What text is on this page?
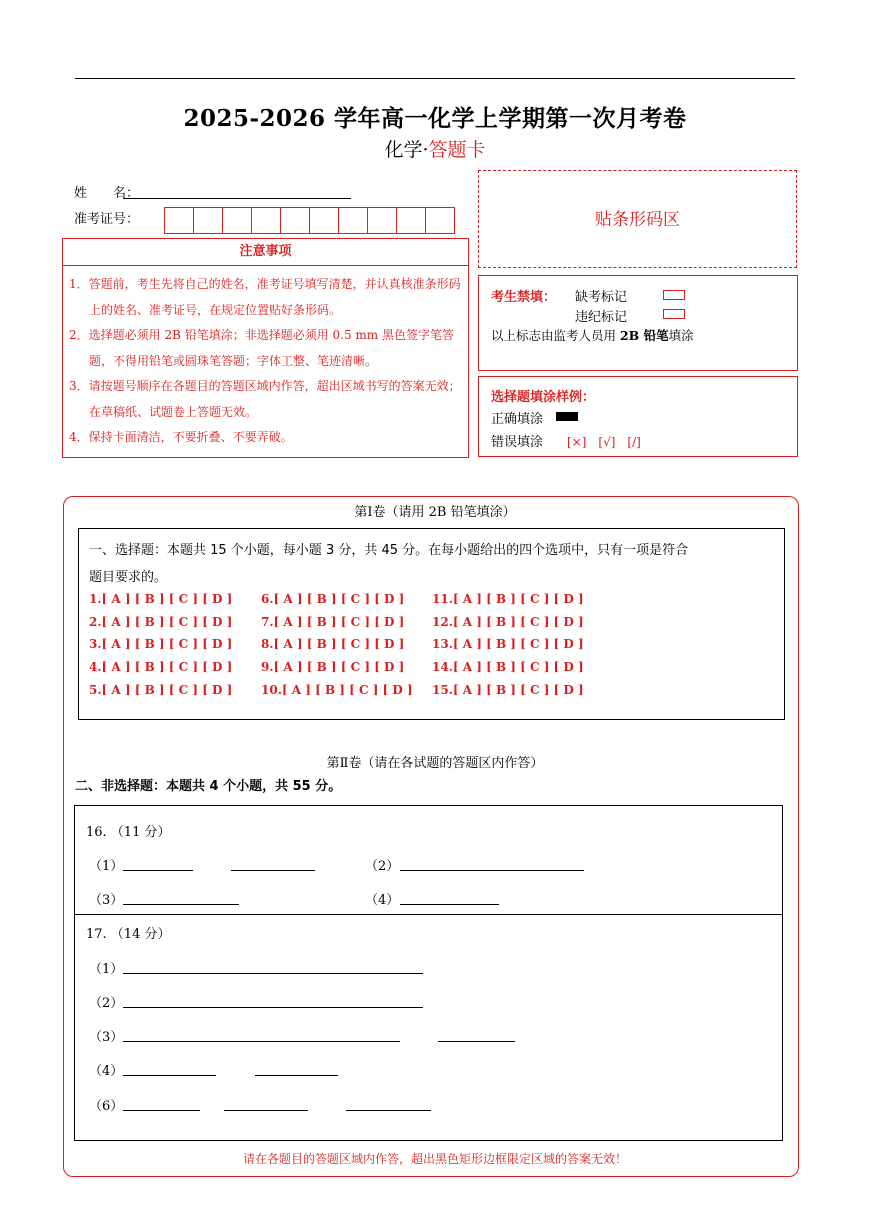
2025-2026 学年高一化学上学期第一次月考卷
化学·答题卡
姓　　名：
准考证号：
注意事项
1．答题前，考生先将自己的姓名，准考证号填写清楚，并认真核准条形码上的姓名、准考证号，在规定位置贴好条形码。
2．选择题必须用 2B 铅笔填涂；非选择题必须用 0.5 mm 黑色签字笔答题，不得用铅笔或圆珠笔答题；字体工整、笔迹清晰。
3．请按题号顺序在各题目的答题区域内作答，超出区域书写的答案无效；在草稿纸、试题卷上答题无效。
4．保持卡面清洁，不要折叠、不要弄破。
贴条形码区
考生禁填： 缺考标记
违纪标记
以上标志由监考人员用 2B 铅笔填涂
选择题填涂样例：
正确填涂
错误填涂 [×]　[√]　[/]
第Ⅰ卷（请用 2B 铅笔填涂）
一、选择题：本题共 15 个小题，每小题 3 分，共 45 分。在每小题给出的四个选项中，只有一项是符合
题目要求的。
1.[ A ] [ B ] [ C ] [ D ]
2.[ A ] [ B ] [ C ] [ D ]
3.[ A ] [ B ] [ C ] [ D ]
4.[ A ] [ B ] [ C ] [ D ]
5.[ A ] [ B ] [ C ] [ D ]
6.[ A ] [ B ] [ C ] [ D ]
7.[ A ] [ B ] [ C ] [ D ]
8.[ A ] [ B ] [ C ] [ D ]
9.[ A ] [ B ] [ C ] [ D ]
10.[ A ] [ B ] [ C ] [ D ]
11.[ A ] [ B ] [ C ] [ D ]
12.[ A ] [ B ] [ C ] [ D ]
13.[ A ] [ B ] [ C ] [ D ]
14.[ A ] [ B ] [ C ] [ D ]
15.[ A ] [ B ] [ C ] [ D ]
第Ⅱ卷（请在各试题的答题区内作答）
二、非选择题：本题共 4 个小题，共 55 分。
16. （11 分）
（1）	（2）
（3）	（4）
17. （14 分）
（1）
（2）
（3）
（4）
（6）
请在各题目的答题区域内作答，超出黑色矩形边框限定区域的答案无效！
